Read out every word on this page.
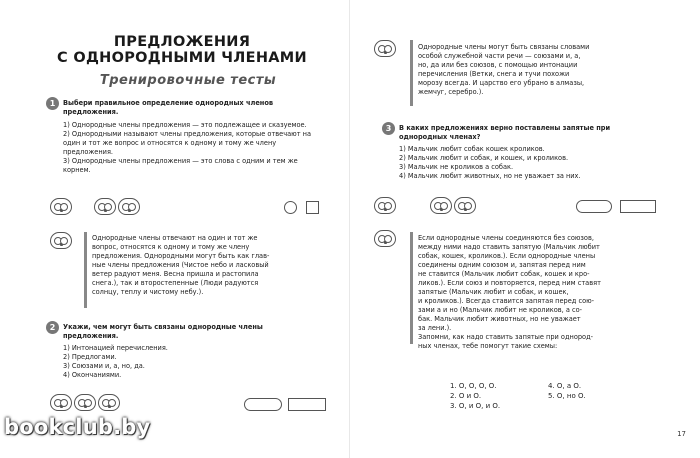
ПРЕДЛОЖЕНИЯ
С ОДНОРОДНЫМИ ЧЛЕНАМИ
Тренировочные тесты
1	Выбери правильное определение однородных членов предложения.
1) Однородные члены предложения — это подлежащее и сказуемое.
2) Однородными называют члены предложения, которые отвечают на один и тот же вопрос и относятся к одному и тому же члену предложения.
3) Однородные члены предложения — это слова с одним и тем же корнем.
Однородные члены отвечают на один и тот же
вопрос, относятся к одному и тому же члену
предложения. Однородными могут быть как глав-
ные члены предложения (Чистое небо и ласковый
ветер радуют меня. Весна пришла и растопила
снега.), так и второстепенные (Люди радуются
солнцу, теплу и чистому небу.).
2	Укажи, чем могут быть связаны однородные члены предложения.
1) Интонацией перечисления.
2) Предлогами.
3) Союзами и, а, но, да.
4) Окончаниями.
bookclub.by
Однородные члены могут быть связаны словами
особой служебной части речи — союзами и, а,
но, да или без союзов, с помощью интонации
перечисления (Ветки, снега и тучи похожи
морозу всегда. И царство его убрано в алмазы,
жемчуг, серебро.).
3	В каких предложениях верно поставлены запятые при однородных членах?
1) Мальчик любит собак кошек кроликов.
2) Мальчик любит и собак, и кошек, и кроликов.
3) Мальчик не кроликов а собак.
4) Мальчик любит животных, но не уважает за них.
Если однородные члены соединяются без союзов,
между ними надо ставить запятую (Мальчик любит
собак, кошек, кроликов.). Если однородные члены
соединены одним союзом и, запятая перед ним
не ставится (Мальчик любит собак, кошек и кро-
ликов.). Если союз и повторяется, перед ним ставят
запятые (Мальчик любит и собак, и кошек,
и кроликов.). Всегда ставится запятая перед сою-
зами а и но (Мальчик любит не кроликов, а со-
бак. Мальчик любит животных, но не уважает
за лени.).
Запомни, как надо ставить запятые при однород-
ных членах, тебе помогут такие схемы:
1. О, О, О, О.
2. О и О.
3. О, и О, и О.
4. О, а О.
5. О, но О.
17
